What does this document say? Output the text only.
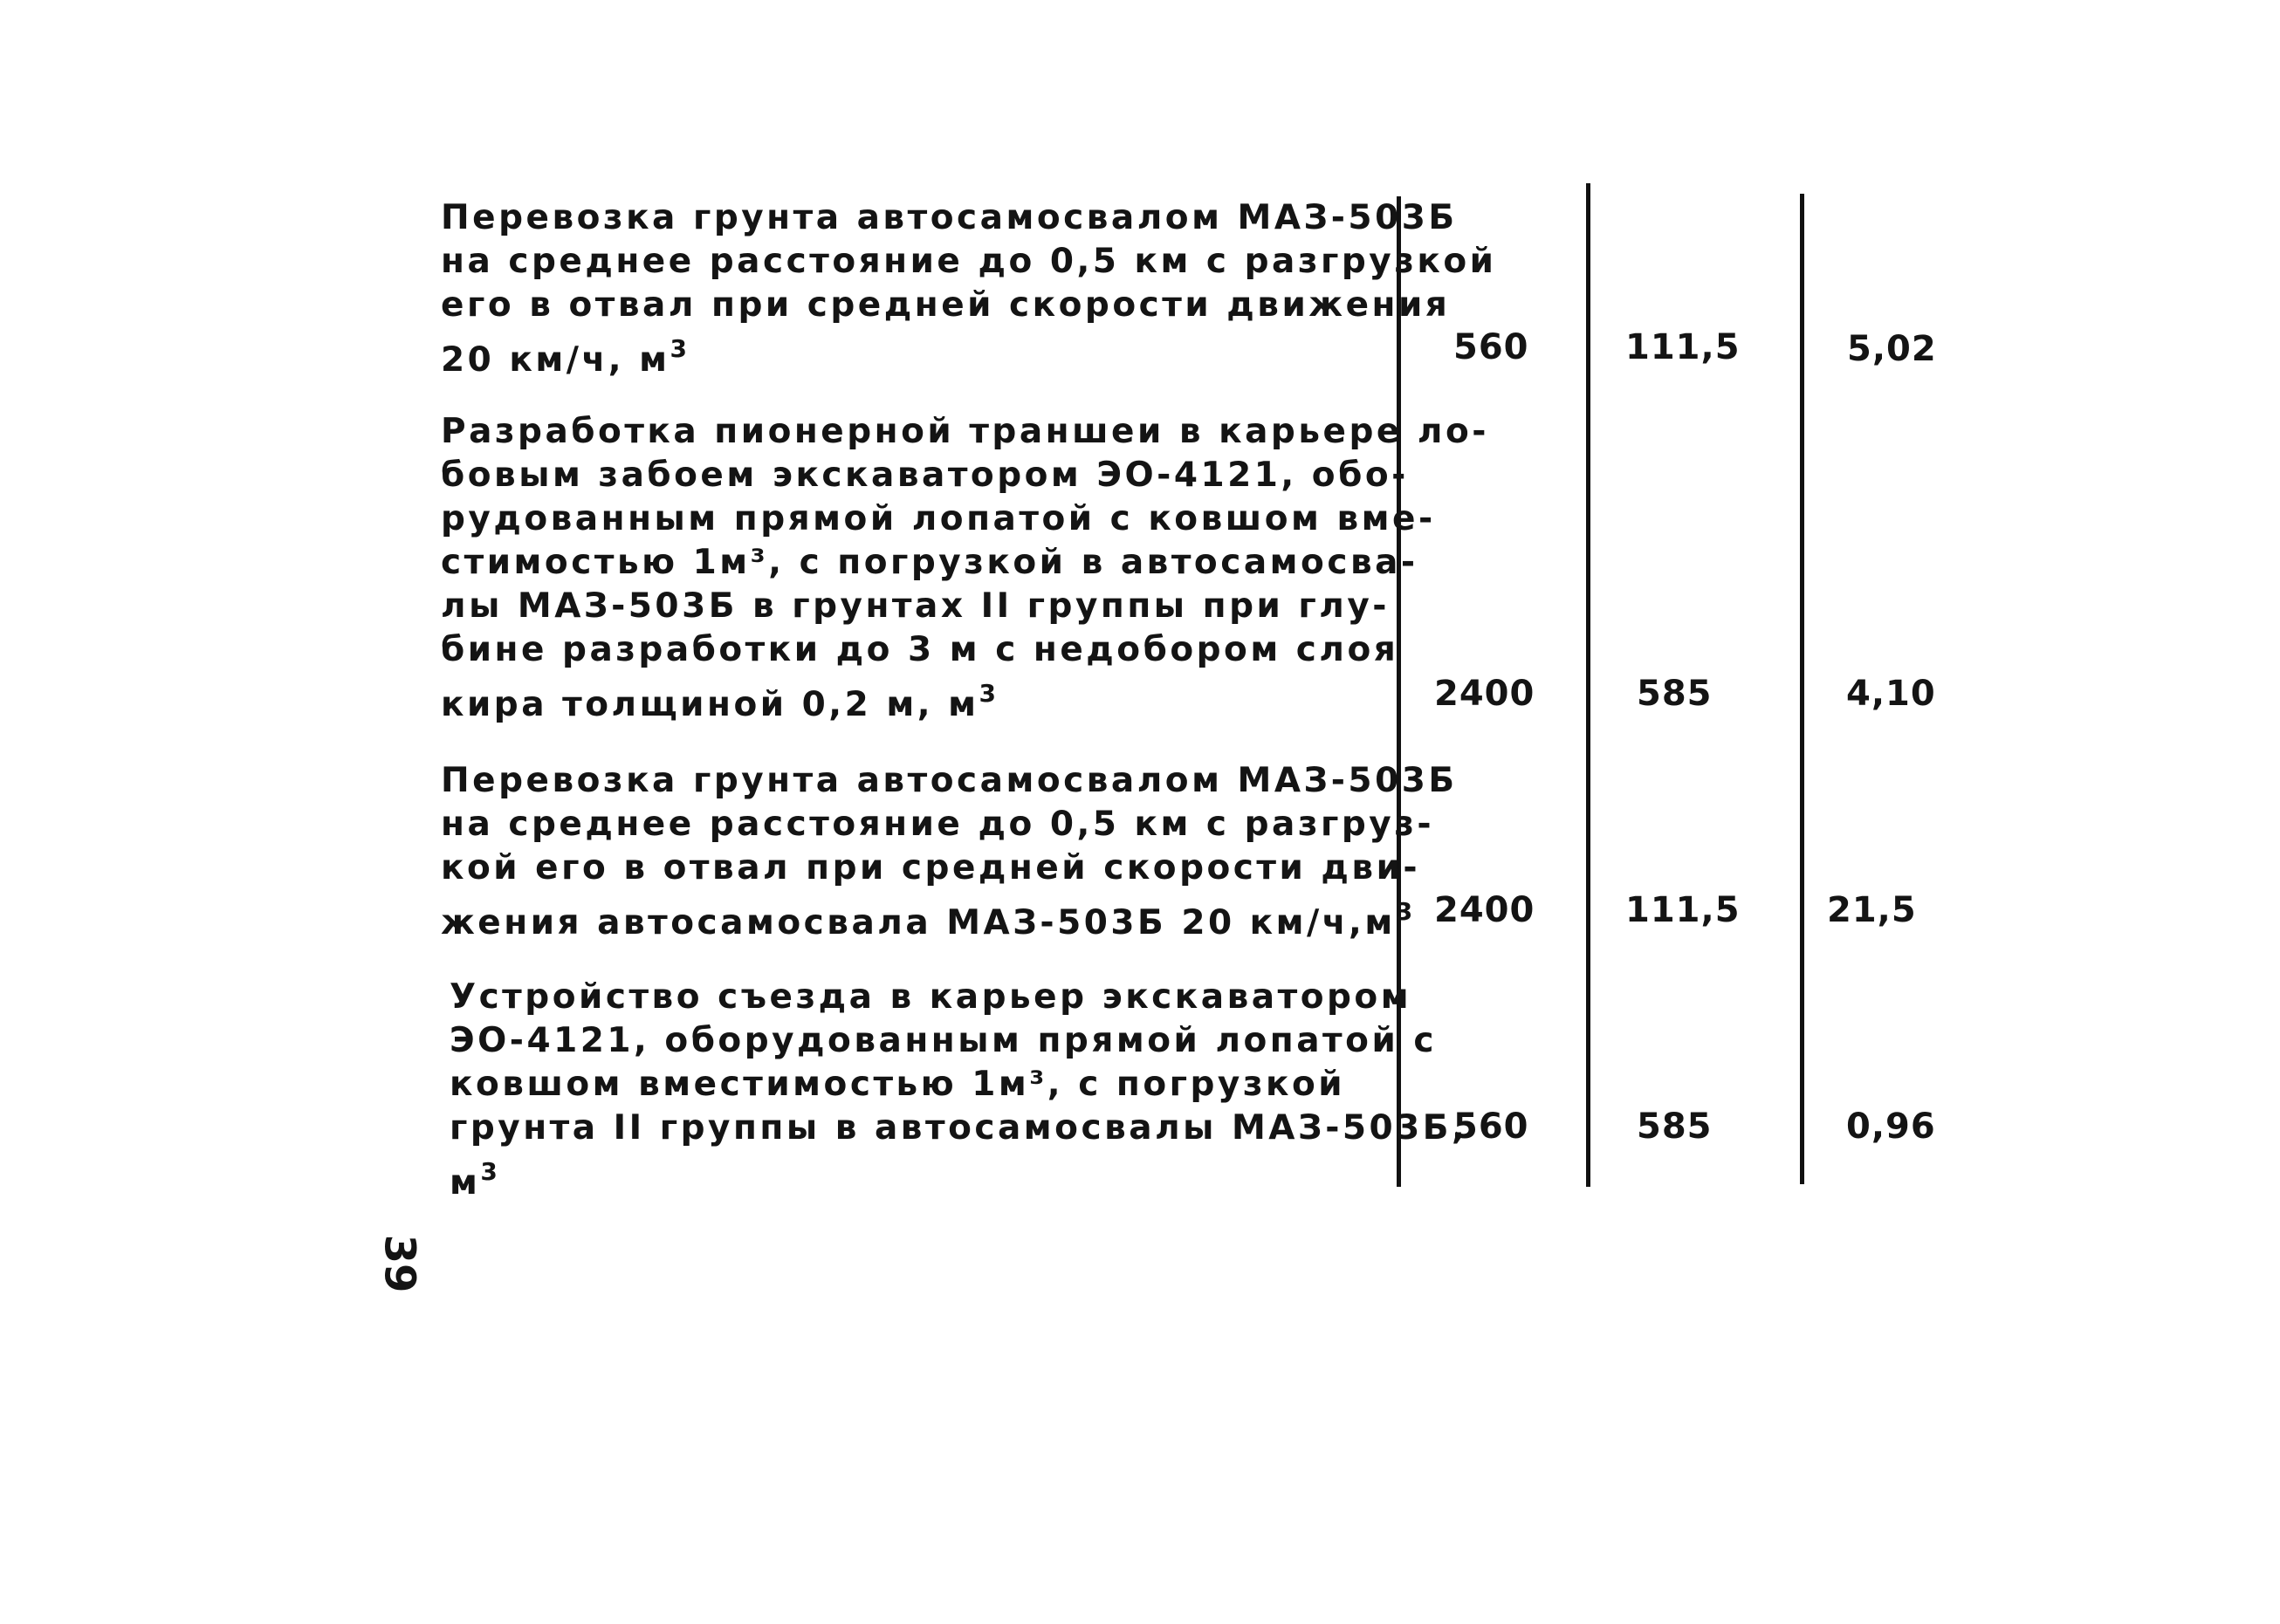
Перевозка грунта автосамосвалом МАЗ-503Б
на среднее расстояние до 0,5 км с разгрузкой
его в отвал при средней скорости движения
20 км/ч, $м^3$	560	111,5	5,02
Разработка пионерной траншеи в карьере ло-
бовым забоем экскаватором ЭО-4121, обо-
рудованным прямой лопатой с ковшом вме-
стимостью 1м³, с погрузкой в автосамосва-
лы МАЗ-503Б в грунтах II группы при глу-
бине разработки до 3 м с недобором слоя
кира толщиной 0,2 м, $м^3$	2400	585	4,10
Перевозка грунта автосамосвалом МАЗ-503Б
на среднее расстояние до 0,5 км с разгруз-
кой его в отвал при средней скорости дви-
жения автосамосвала МАЗ-503Б 20 $км/ч,м^3$ 2400	111,5 21,5
Устройство съезда в карьер экскаватором
ЭО-4121, оборудованным прямой лопатой с
ковшом вместимостью 1м³, с погрузкой
грунта II группы в автосамосвалы МАЗ-503Б,
$м^3$
560	585	0,96
39
